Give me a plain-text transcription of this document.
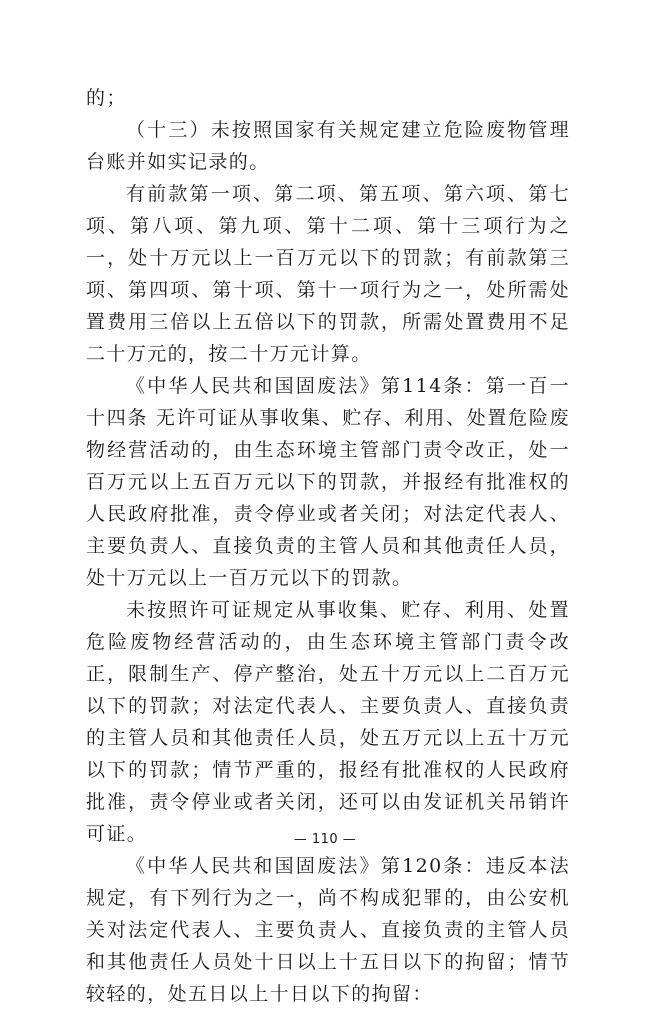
的；

（十三）未按照国家有关规定建立危险废物管理台账并如实记录的。

有前款第一项、第二项、第五项、第六项、第七项、第八项、第九项、第十二项、第十三项行为之一，处十万元以上一百万元以下的罚款；有前款第三项、第四项、第十项、第十一项行为之一，处所需处置费用三倍以上五倍以下的罚款，所需处置费用不足二十万元的，按二十万元计算。

《中华人民共和国固废法》第114条：第一百一十四条 无许可证从事收集、贮存、利用、处置危险废物经营活动的，由生态环境主管部门责令改正，处一百万元以上五百万元以下的罚款，并报经有批准权的人民政府批准，责令停业或者关闭；对法定代表人、主要负责人、直接负责的主管人员和其他责任人员，处十万元以上一百万元以下的罚款。

未按照许可证规定从事收集、贮存、利用、处置危险废物经营活动的，由生态环境主管部门责令改正，限制生产、停产整治，处五十万元以上二百万元以下的罚款；对法定代表人、主要负责人、直接负责的主管人员和其他责任人员，处五万元以上五十万元以下的罚款；情节严重的，报经有批准权的人民政府批准，责令停业或者关闭，还可以由发证机关吊销许可证。

《中华人民共和国固废法》第120条：违反本法规定，有下列行为之一，尚不构成犯罪的，由公安机关对法定代表人、主要负责人、直接负责的主管人员和其他责任人员处十日以上十五日以下的拘留；情节较轻的，处五日以上十日以下的拘留：

— 110 —
